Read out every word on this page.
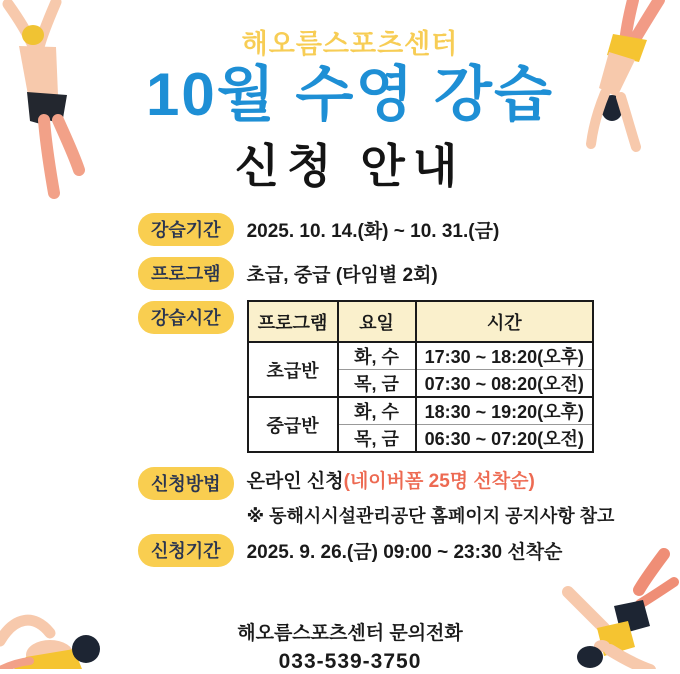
해오름스포츠센터
10월 수영 강습
신청 안내
강습기간	2025. 10. 14.(화) ~ 10. 31.(금)
프로그램	초급, 중급 (타임별 2회)
강습시간	프로그램	요일	시간
초급반	화, 수	17:30 ~ 18:20(오후)
	목, 금	07:30 ~ 08:20(오전)
중급반	화, 수	18:30 ~ 19:20(오후)
	목, 금	06:30 ~ 07:20(오전)
신청방법	온라인 신청(네이버폼 25명 선착순)
※ 동해시시설관리공단 홈페이지 공지사항 참고
신청기간	2025. 9. 26.(금) 09:00 ~ 23:30 선착순
해오름스포츠센터 문의전화
033-539-3750
